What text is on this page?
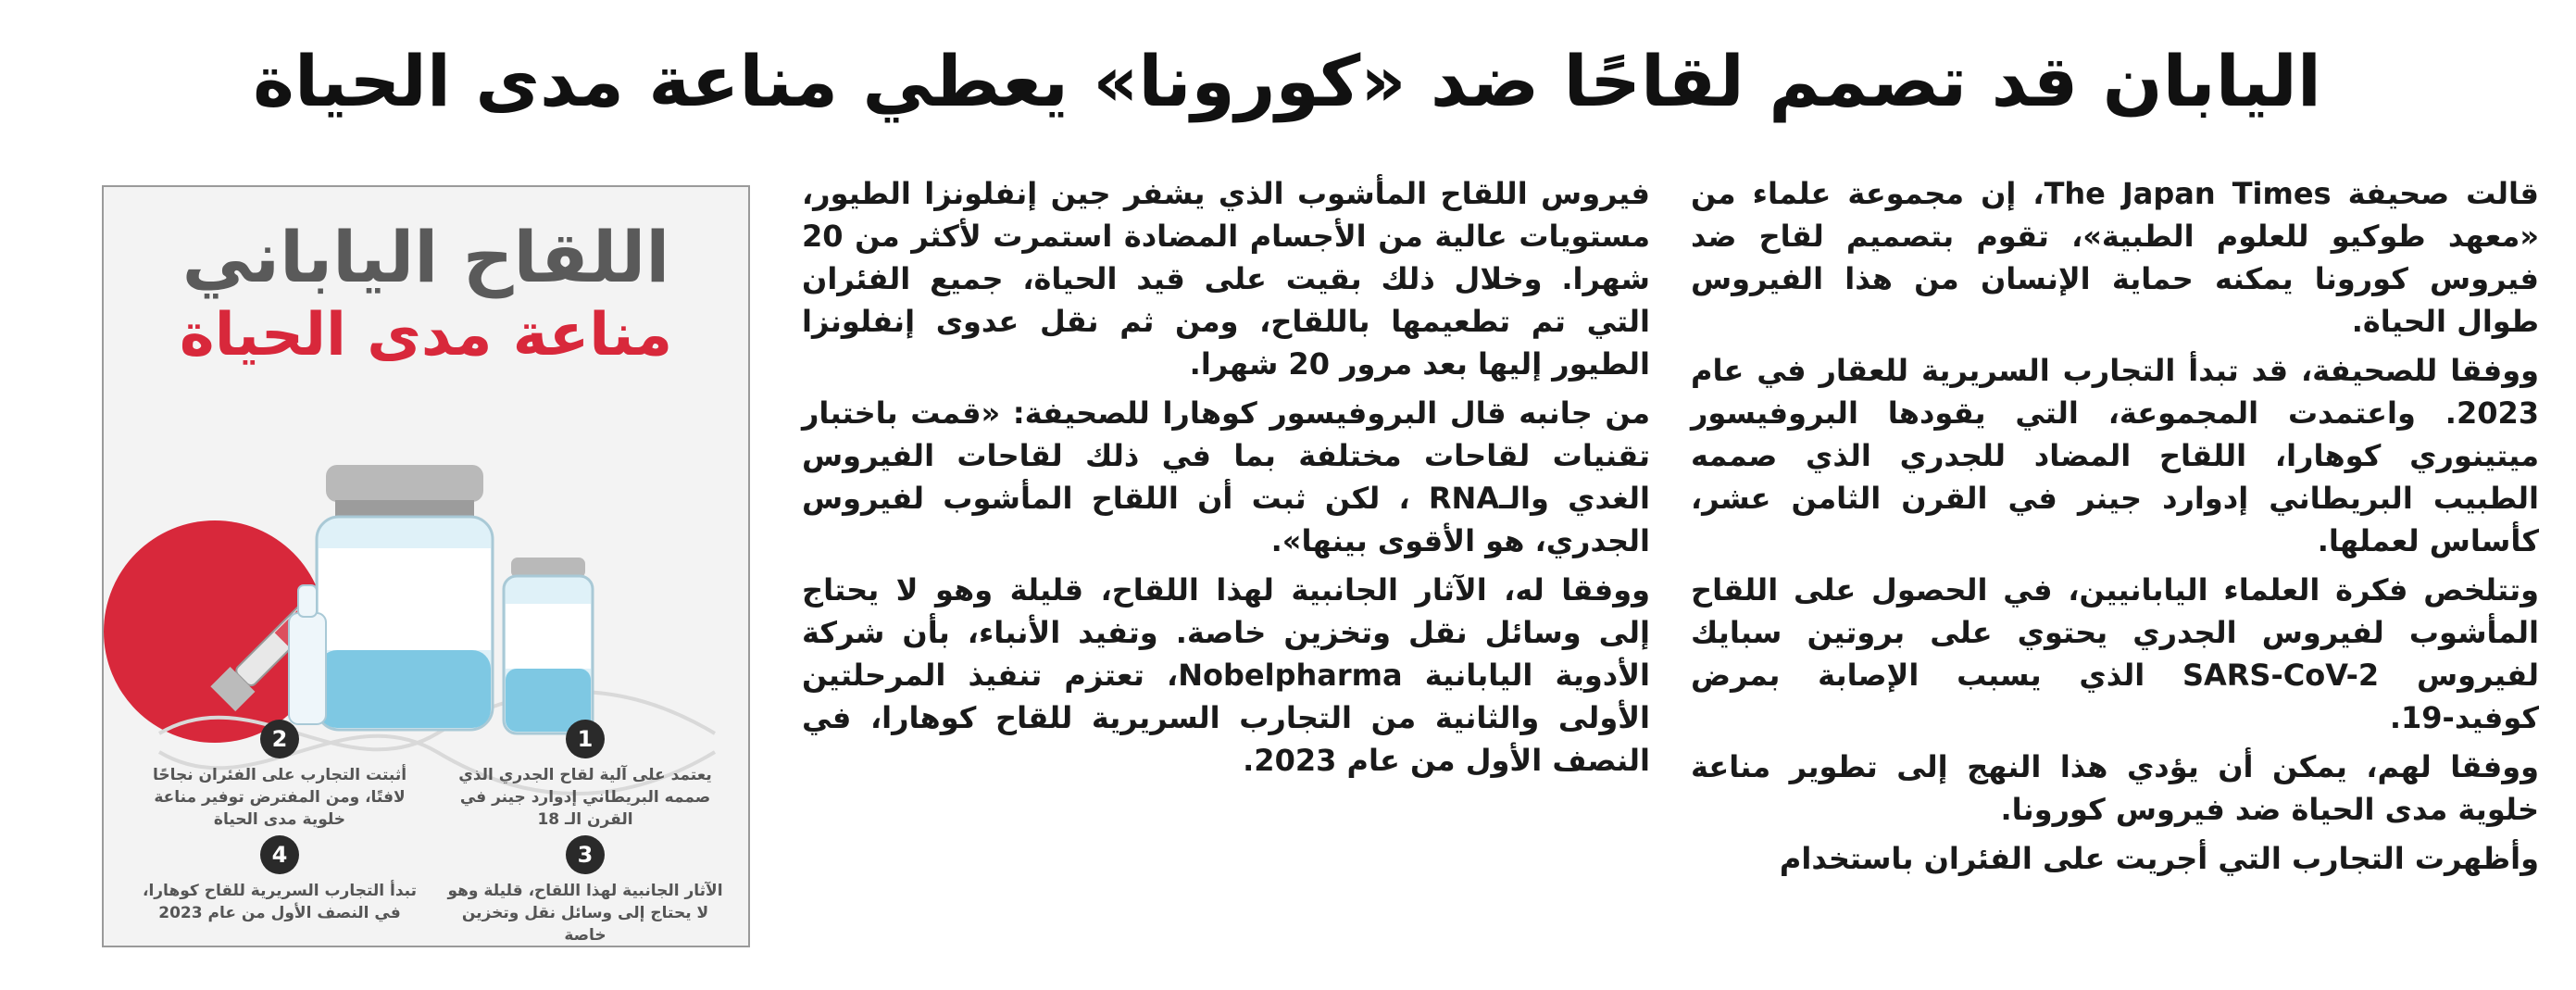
اليابان قد تصمم لقاحًا ضد «كورونا» يعطي مناعة مدى الحياة

قالت صحيفة The Japan Times، إن مجموعة علماء من «معهد طوكيو للعلوم الطبية»، تقوم بتصميم لقاح ضد فيروس كورونا يمكنه حماية الإنسان من هذا الفيروس طوال الحياة.

ووفقا للصحيفة، قد تبدأ التجارب السريرية للعقار في عام 2023. واعتمدت المجموعة، التي يقودها البروفيسور ميتينوري كوهارا، اللقاح المضاد للجدري الذي صممه الطبيب البريطاني إدوارد جينر في القرن الثامن عشر، كأساس لعملها.

وتتلخص فكرة العلماء اليابانيين، في الحصول على اللقاح المأشوب لفيروس الجدري يحتوي على بروتين سبايك لفيروس SARS-CoV-2 الذي يسبب الإصابة بمرض كوفيد-19.

ووفقا لهم، يمكن أن يؤدي هذا النهج إلى تطوير مناعة خلوية مدى الحياة ضد فيروس كورونا.

وأظهرت التجارب التي أجريت على الفئران باستخدام

فيروس اللقاح المأشوب الذي يشفر جين إنفلونزا الطيور، مستويات عالية من الأجسام المضادة استمرت لأكثر من 20 شهرا. وخلال ذلك بقيت على قيد الحياة، جميع الفئران التي تم تطعيمها باللقاح، ومن ثم نقل عدوى إنفلونزا الطيور إليها بعد مرور 20 شهرا.

من جانبه قال البروفيسور كوهارا للصحيفة: «قمت باختبار تقنيات لقاحات مختلفة بما في ذلك لقاحات الفيروس الغدي والـRNA ، لكن ثبت أن اللقاح المأشوب لفيروس الجدري، هو الأقوى بينها».

ووفقا له، الآثار الجانبية لهذا اللقاح، قليلة وهو لا يحتاج إلى وسائل نقل وتخزين خاصة. وتفيد الأنباء، بأن شركة الأدوية اليابانية Nobelpharma، تعتزم تنفيذ المرحلتين الأولى والثانية من التجارب السريرية للقاح كوهارا، في النصف الأول من عام 2023.

اللقاح الياباني
مناعة مدى الحياة
1
يعتمد على آلية لقاح الجدري الذي صممه البريطاني إدوارد جينر في القرن الـ 18
2
أثبتت التجارب على الفئران نجاحًا لافتًا، ومن المفترض توفير مناعة خلوية مدى الحياة
3
الآثار الجانبية لهذا اللقاح، قليلة وهو لا يحتاج إلى وسائل نقل وتخزين خاصة
4
تبدأ التجارب السريرية للقاح كوهارا، في النصف الأول من عام 2023
